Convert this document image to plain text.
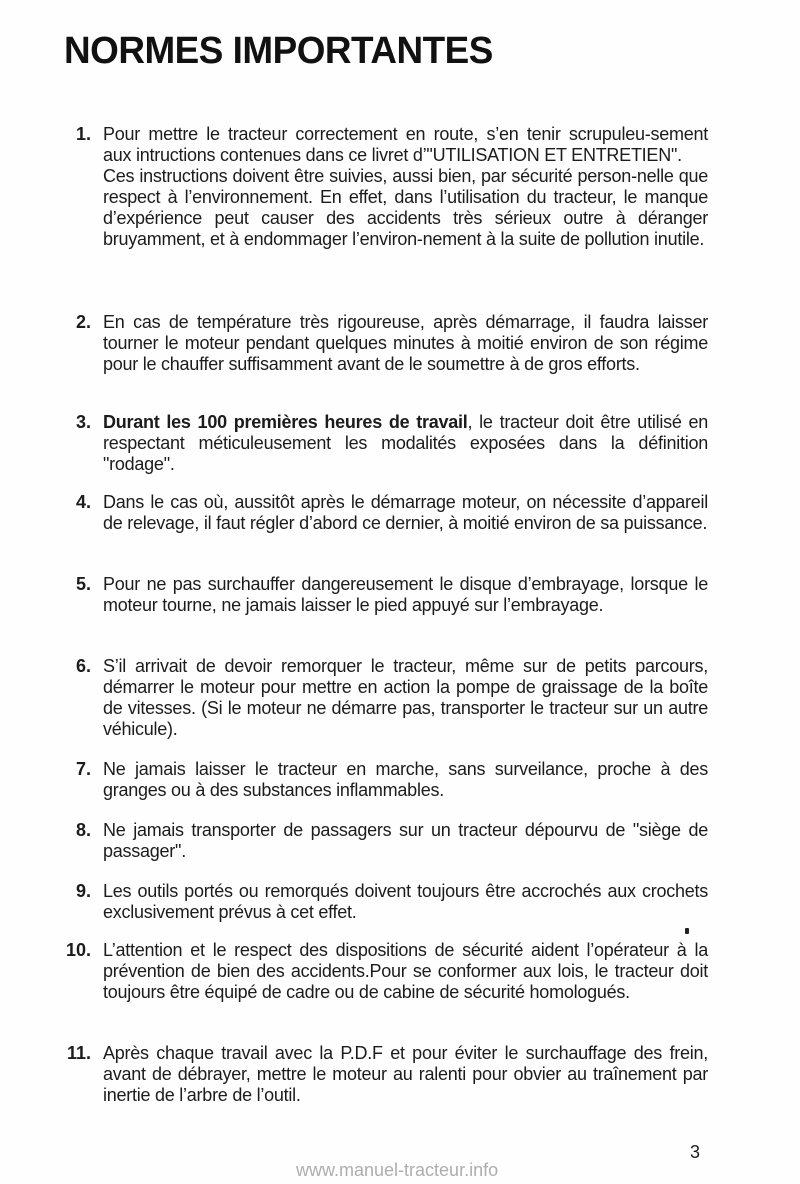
NORMES IMPORTANTES
1. Pour mettre le tracteur correctement en route, s’en tenir scrupuleu-sement aux intructions contenues dans ce livret d’"UTILISATION ET ENTRETIEN".

Ces instructions doivent être suivies, aussi bien, par sécurité person-nelle que respect à l’environnement. En effet, dans l’utilisation du tracteur, le manque d’expérience peut causer des accidents très sérieux outre à déranger bruyamment, et à endommager l’environ-nement à la suite de pollution inutile.

2. En cas de température très rigoureuse, après démarrage, il faudra laisser tourner le moteur pendant quelques minutes à moitié environ de son régime pour le chauffer suffisamment avant de le soumettre à de gros efforts.

3. Durant les 100 premières heures de travail, le tracteur doit être utilisé en respectant méticuleusement les modalités exposées dans la définition "rodage".

4. Dans le cas où, aussitôt après le démarrage moteur, on nécessite d’appareil de relevage, il faut régler d’abord ce dernier, à moitié environ de sa puissance.

5. Pour ne pas surchauffer dangereusement le disque d’embrayage, lorsque le moteur tourne, ne jamais laisser le pied appuyé sur l’embrayage.

6. S’il arrivait de devoir remorquer le tracteur, même sur de petits parcours, démarrer le moteur pour mettre en action la pompe de graissage de la boîte de vitesses. (Si le moteur ne démarre pas, transporter le tracteur sur un autre véhicule).

7. Ne jamais laisser le tracteur en marche, sans surveilance, proche à des granges ou à des substances inflammables.

8. Ne jamais transporter de passagers sur un tracteur dépourvu de "siège de passager".

9. Les outils portés ou remorqués doivent toujours être accrochés aux crochets exclusivement prévus à cet effet.

10. L’attention et le respect des dispositions de sécurité aident l’opérateur à la prévention de bien des accidents.Pour se conformer aux lois, le tracteur doit toujours être équipé de cadre ou de cabine de sécurité homologués.

11. Après chaque travail avec la P.D.F et pour éviter le surchauffage des frein, avant de débrayer, mettre le moteur au ralenti pour obvier au traînement par inertie de l’arbre de l’outil.

3
www.manuel-tracteur.info
